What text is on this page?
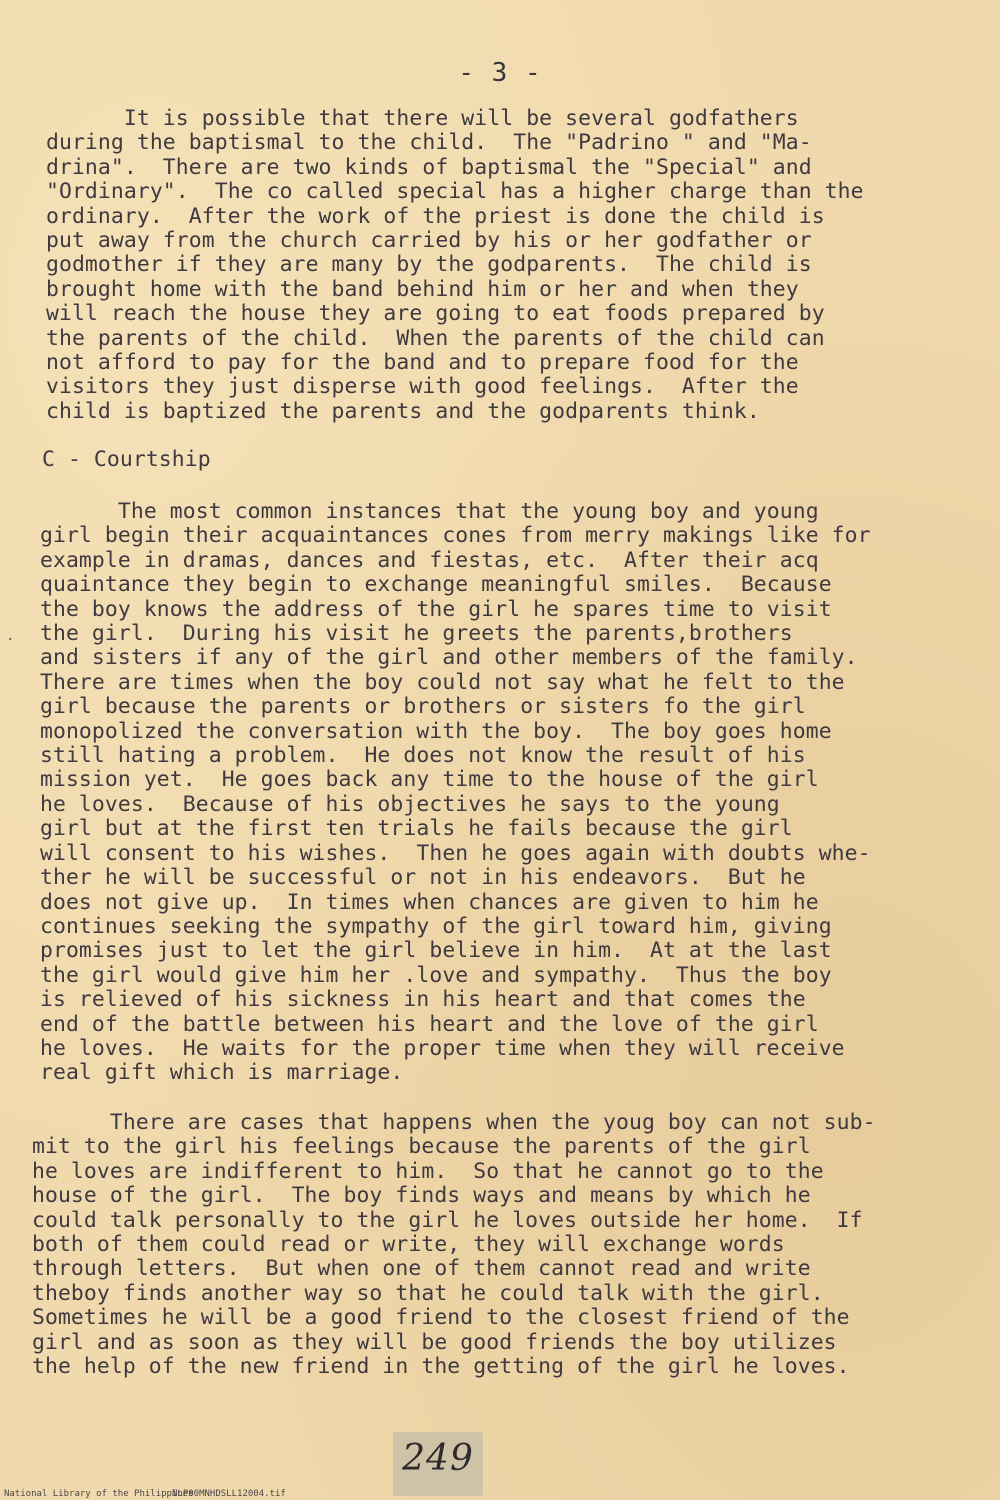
- 3 -
It is possible that there will be several godfathers
during the baptismal to the child.  The "Padrino " and "Ma-
drina".  There are two kinds of baptismal the "Special" and
"Ordinary".  The co called special has a higher charge than the
ordinary.  After the work of the priest is done the child is
put away from the church carried by his or her godfather or
godmother if they are many by the godparents.  The child is
brought home with the band behind him or her and when they
will reach the house they are going to eat foods prepared by
the parents of the child.  When the parents of the child can
not afford to pay for the band and to prepare food for the
visitors they just disperse with good feelings.  After the
child is baptized the parents and the godparents think.
C - Courtship
The most common instances that the young boy and young
girl begin their acquaintances cones from merry makings like for
example in dramas, dances and fiestas, etc.  After their acq
quaintance they begin to exchange meaningful smiles.  Because
the boy knows the address of the girl he spares time to visit
the girl.  During his visit he greets the parents,brothers
and sisters if any of the girl and other members of the family.
There are times when the boy could not say what he felt to the
girl because the parents or brothers or sisters fo the girl
monopolized the conversation with the boy.  The boy goes home
still hating a problem.  He does not know the result of his
mission yet.  He goes back any time to the house of the girl
he loves.  Because of his objectives he says to the young
girl but at the first ten trials he fails because the girl
will consent to his wishes.  Then he goes again with doubts whe-
ther he will be successful or not in his endeavors.  But he
does not give up.  In times when chances are given to him he
continues seeking the sympathy of the girl toward him, giving
promises just to let the girl believe in him.  At at the last
the girl would give him her .love and sympathy.  Thus the boy
is relieved of his sickness in his heart and that comes the
end of the battle between his heart and the love of the girl
he loves.  He waits for the proper time when they will receive
real gift which is marriage.
There are cases that happens when the youg boy can not sub-
mit to the girl his feelings because the parents of the girl
he loves are indifferent to him.  So that he cannot go to the
house of the girl.  The boy finds ways and means by which he
could talk personally to the girl he loves outside her home.  If
both of them could read or write, they will exchange words
through letters.  But when one of them cannot read and write
theboy finds another way so that he could talk with the girl.
Sometimes he will be a good friend to the closest friend of the
girl and as soon as they will be good friends the boy utilizes
the help of the new friend in the getting of the girl he loves.
·
249
National Library of the Philippines
NLP00MNHDSLL12004.tif
